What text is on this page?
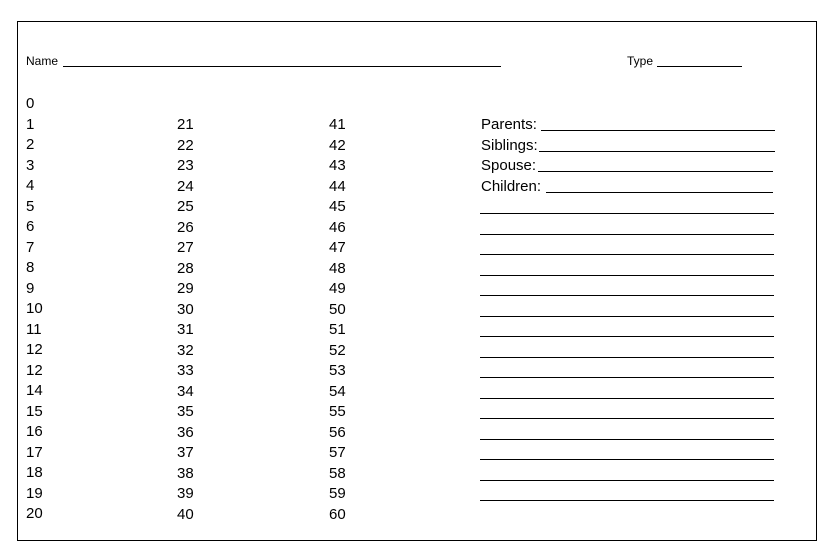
Name	Type
0
1
2
3
4
5
6
7
8
9
10
11
12
12
14
15
16
17
18
19
20
21
22
23
24
25
26
27
28
29
30
31
32
33
34
35
36
37
38
39
40
41
42
43
44
45
46
47
48
49
50
51
52
53
54
55
56
57
58
59
60
Parents:
Siblings:
Spouse:
Children:
